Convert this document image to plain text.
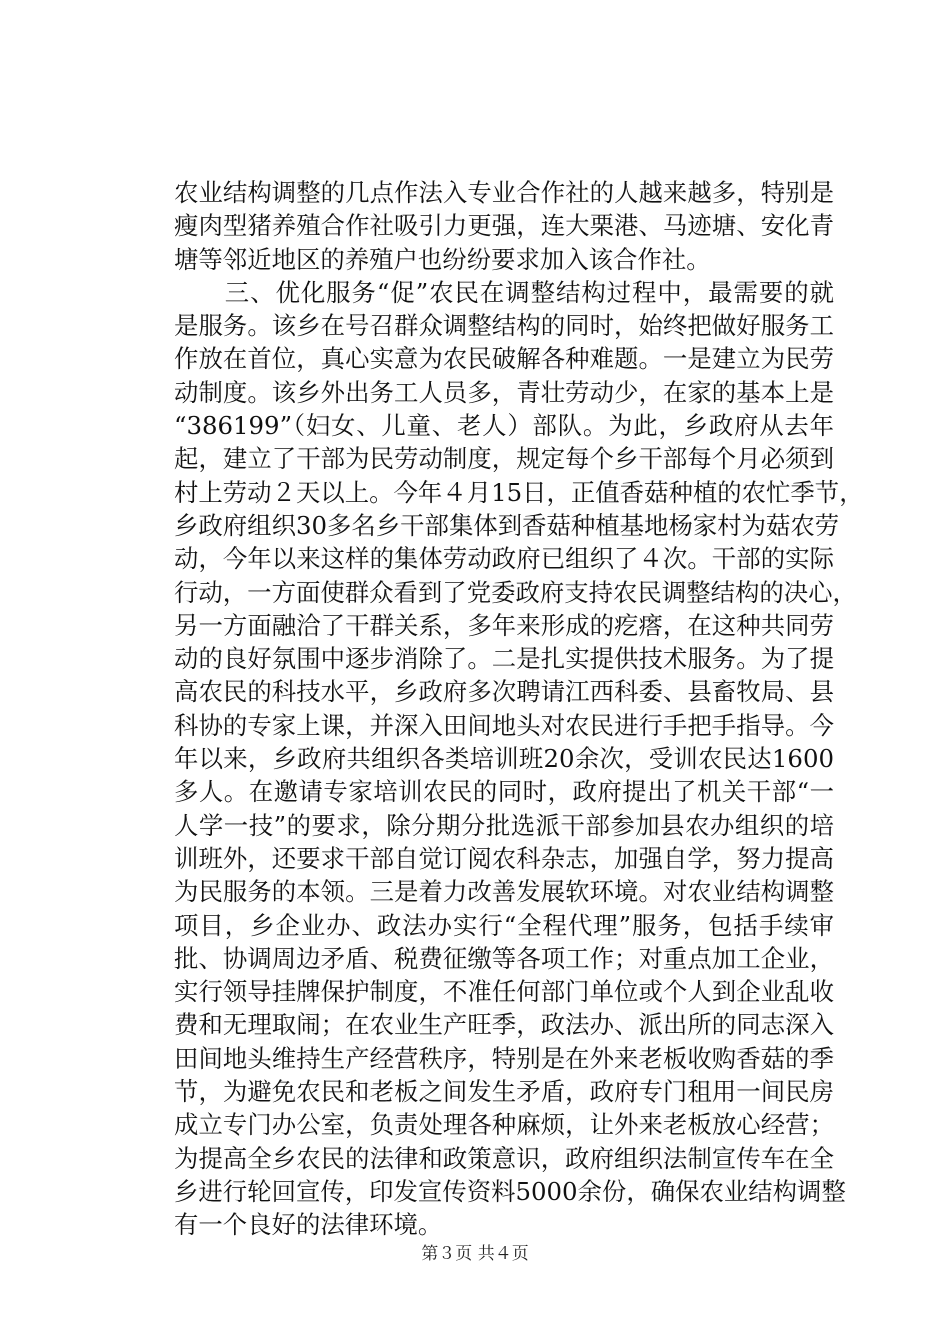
农业结构调整的几点作法入专业合作社的人越来越多，特别是
瘦肉型猪养殖合作社吸引力更强，连大栗港、马迹塘、安化青
塘等邻近地区的养殖户也纷纷要求加入该合作社。
　　三、优化服务“促”农民在调整结构过程中，最需要的就
是服务。该乡在号召群众调整结构的同时，始终把做好服务工
作放在首位，真心实意为农民破解各种难题。一是建立为民劳
动制度。该乡外出务工人员多，青壮劳动少，在家的基本上是
“386199”（妇女、儿童、老人）部队。为此，乡政府从去年
起，建立了干部为民劳动制度，规定每个乡干部每个月必须到
村上劳动２天以上。今年４月15日，正值香菇种植的农忙季节，
乡政府组织30多名乡干部集体到香菇种植基地杨家村为菇农劳
动，今年以来这样的集体劳动政府已组织了４次。干部的实际
行动，一方面使群众看到了党委政府支持农民调整结构的决心，
另一方面融洽了干群关系，多年来形成的疙瘩，在这种共同劳
动的良好氛围中逐步消除了。二是扎实提供技术服务。为了提
高农民的科技水平，乡政府多次聘请江西科委、县畜牧局、县
科协的专家上课，并深入田间地头对农民进行手把手指导。今
年以来，乡政府共组织各类培训班20余次，受训农民达1600
多人。在邀请专家培训农民的同时，政府提出了机关干部“一
人学一技”的要求，除分期分批选派干部参加县农办组织的培
训班外，还要求干部自觉订阅农科杂志，加强自学，努力提高
为民服务的本领。三是着力改善发展软环境。对农业结构调整
项目，乡企业办、政法办实行“全程代理”服务，包括手续审
批、协调周边矛盾、税费征缴等各项工作；对重点加工企业，
实行领导挂牌保护制度，不准任何部门单位或个人到企业乱收
费和无理取闹；在农业生产旺季，政法办、派出所的同志深入
田间地头维持生产经营秩序，特别是在外来老板收购香菇的季
节，为避免农民和老板之间发生矛盾，政府专门租用一间民房
成立专门办公室，负责处理各种麻烦，让外来老板放心经营；
为提高全乡农民的法律和政策意识，政府组织法制宣传车在全
乡进行轮回宣传，印发宣传资料5000余份，确保农业结构调整
有一个良好的法律环境。
第３页 共４页
